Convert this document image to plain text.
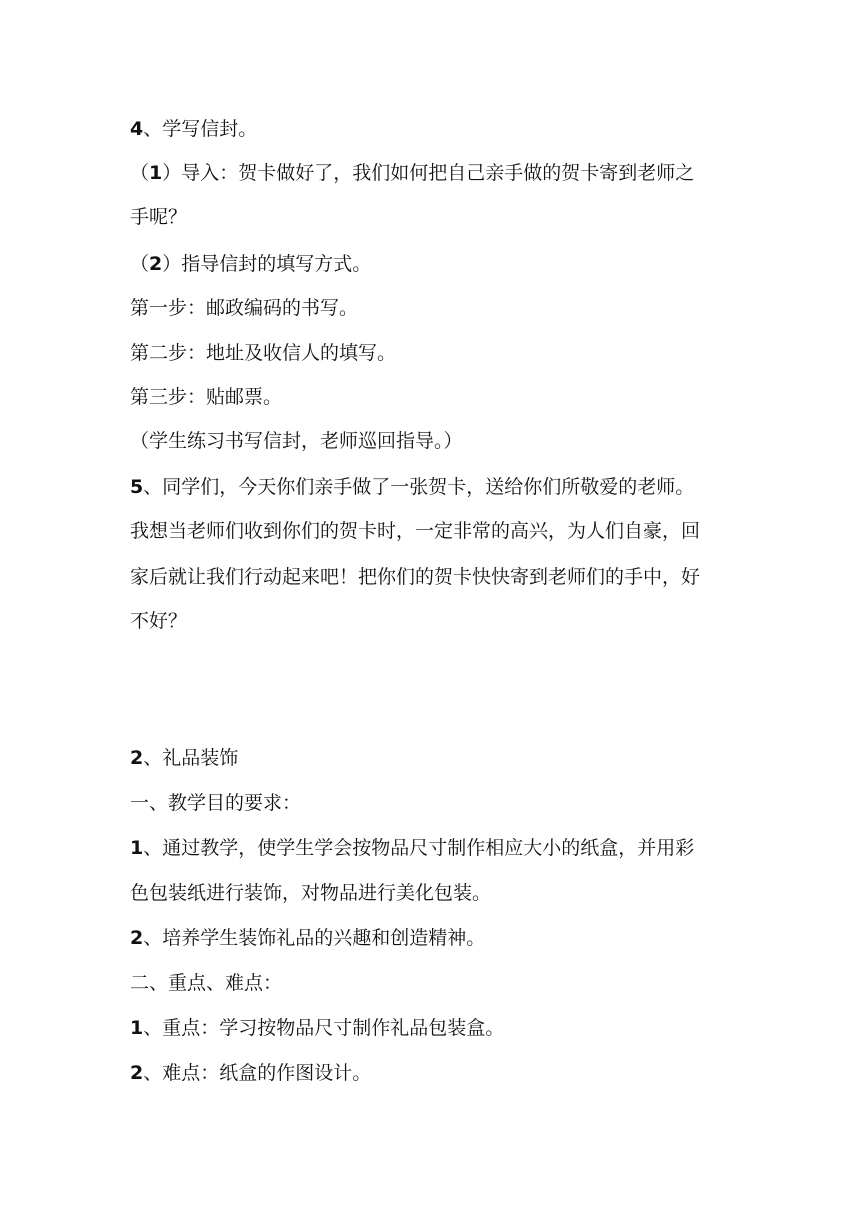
4、学写信封。
（1）导入：贺卡做好了，我们如何把自己亲手做的贺卡寄到老师之
手呢？
（2）指导信封的填写方式。
第一步：邮政编码的书写。
第二步：地址及收信人的填写。
第三步：贴邮票。
（学生练习书写信封，老师巡回指导。）
5、同学们，今天你们亲手做了一张贺卡，送给你们所敬爱的老师。
我想当老师们收到你们的贺卡时，一定非常的高兴，为人们自豪，回
家后就让我们行动起来吧！把你们的贺卡快快寄到老师们的手中，好
不好？
2、礼品装饰
一、教学目的要求：
1、通过教学，使学生学会按物品尺寸制作相应大小的纸盒，并用彩
色包装纸进行装饰，对物品进行美化包装。
2、培养学生装饰礼品的兴趣和创造精神。
二、重点、难点：
1、重点：学习按物品尺寸制作礼品包装盒。
2、难点：纸盒的作图设计。
